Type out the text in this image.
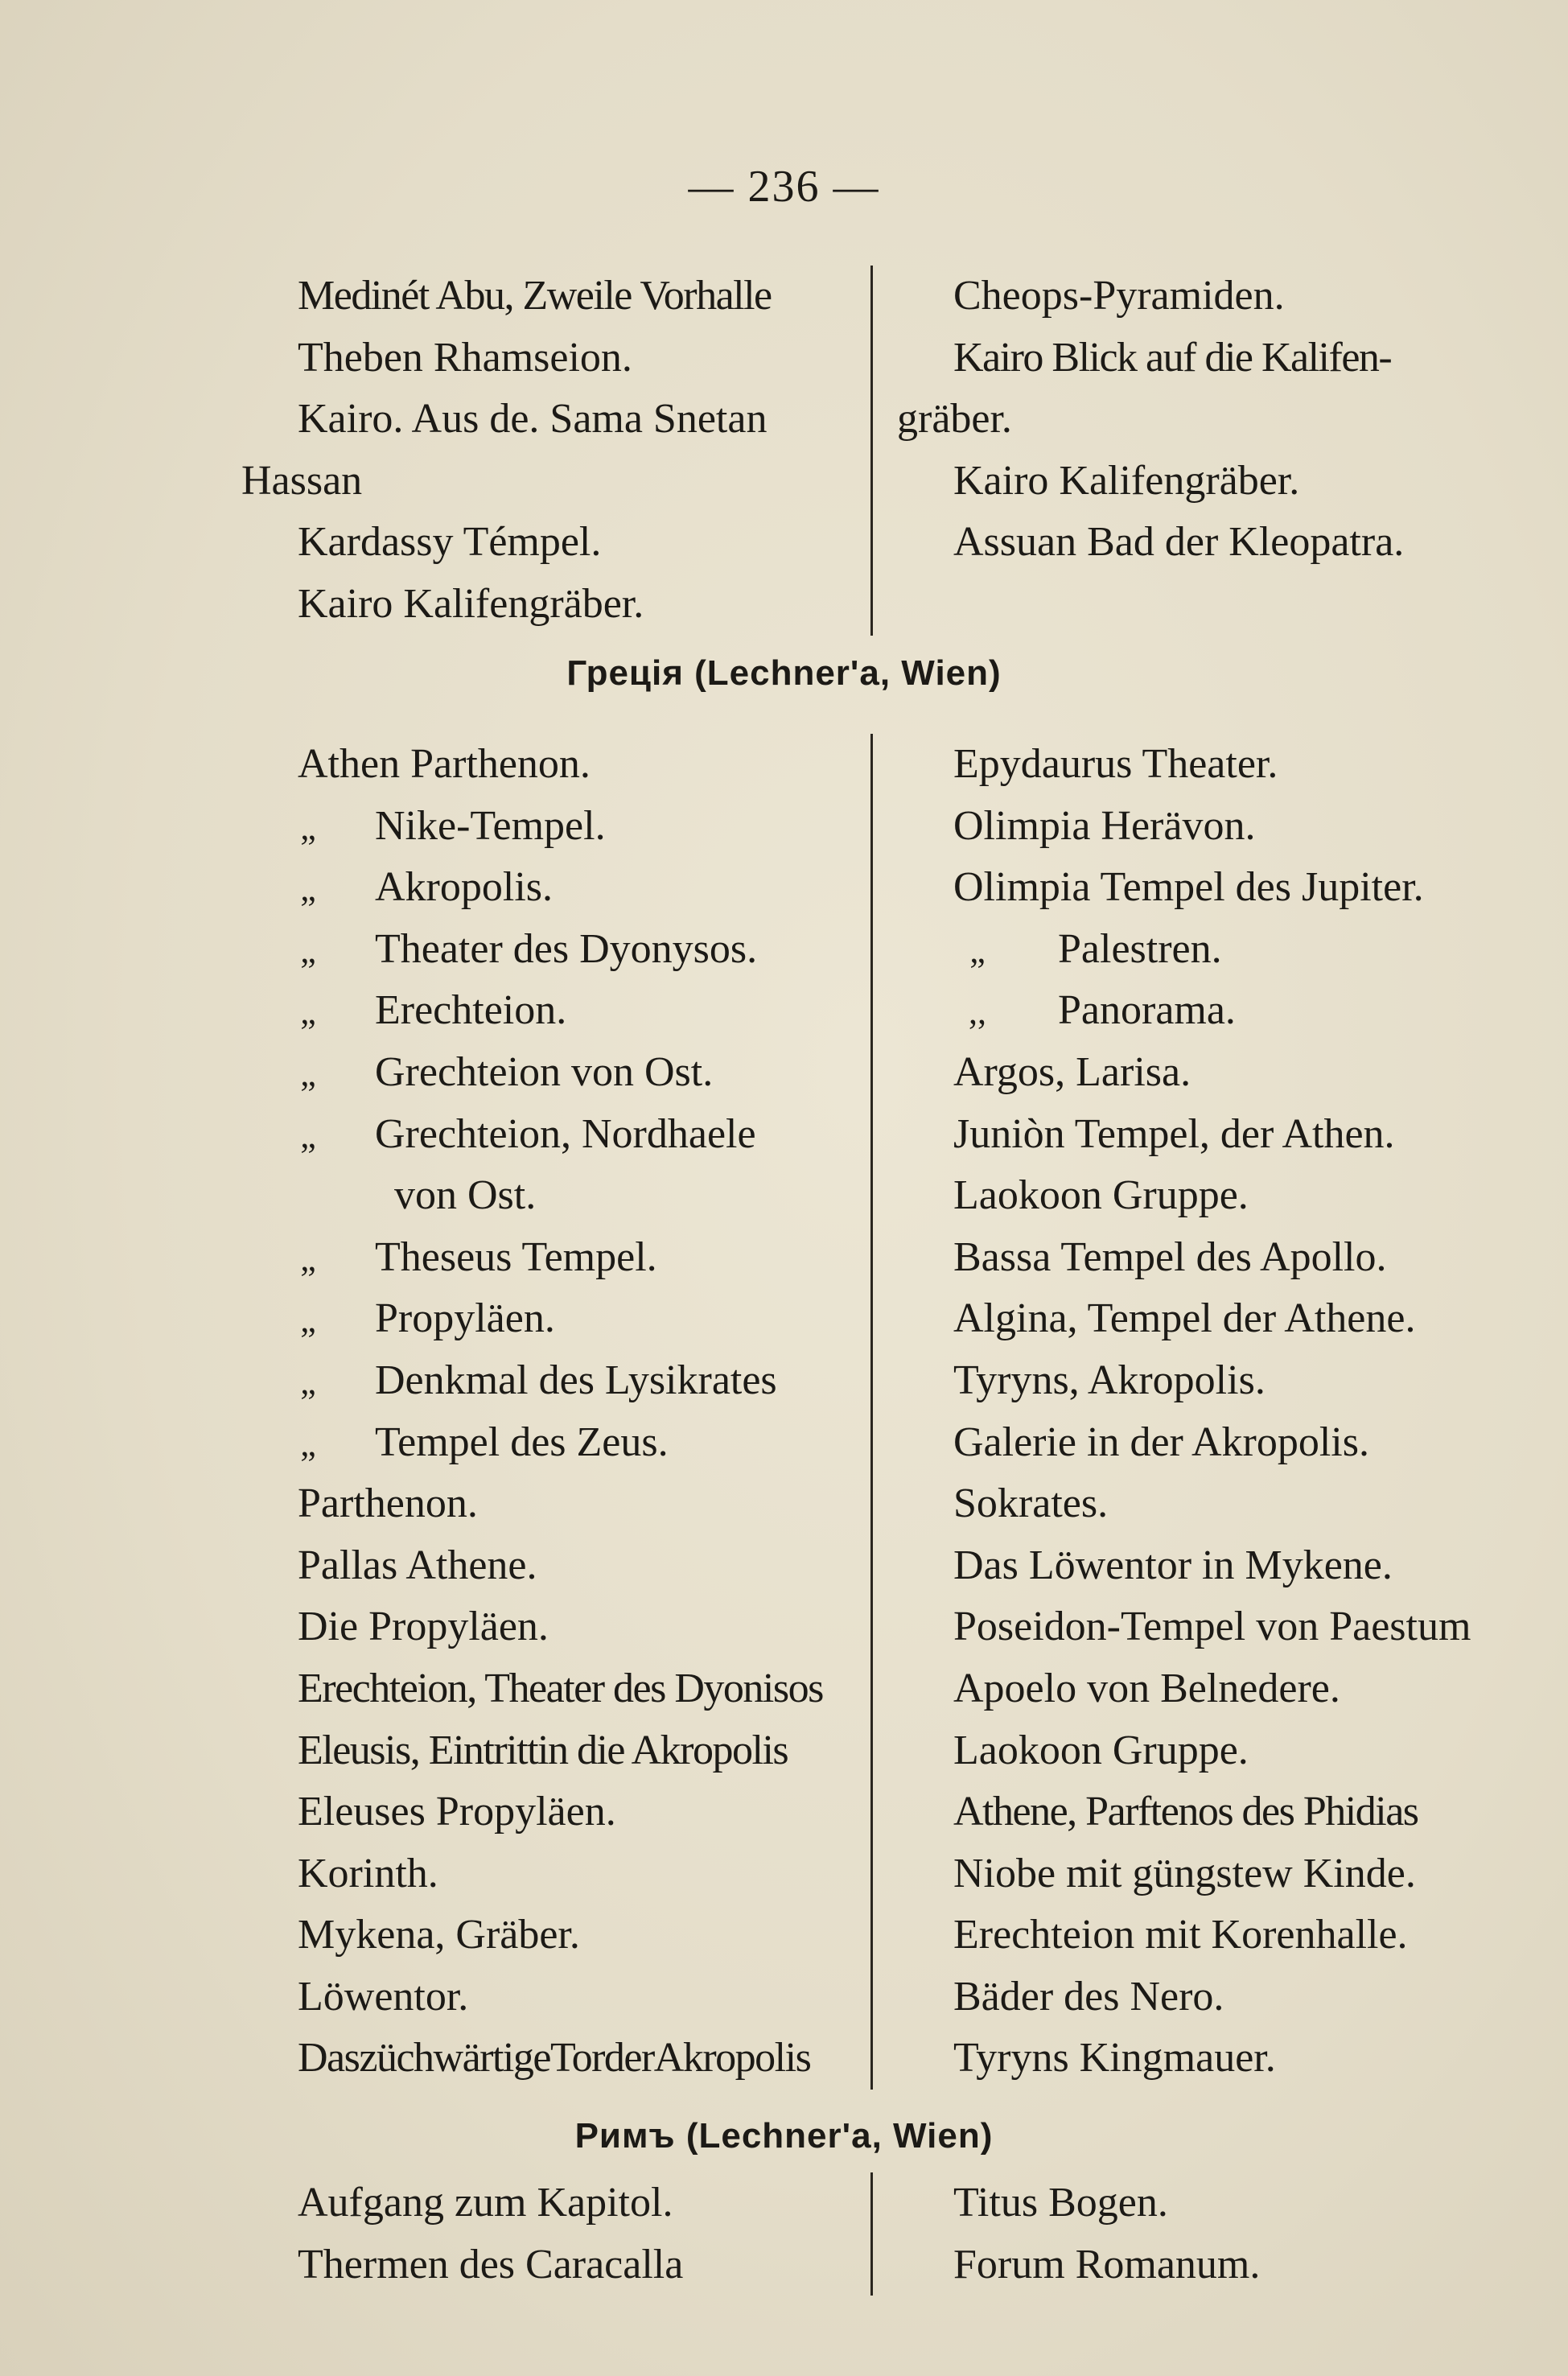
— 236 —
Medinét Abu, Zweile Vorhalle
Theben Rhamseion.
Kairo. Aus de. Sama Snetan
Hassan
Kardassy Témpel.
Kairo Kalifengräber.
Cheops-Pyramiden.
Kairo Blick auf die Kalifen-
gräber.
Kairo Kalifengräber.
Assuan Bad der Kleopatra.
Греція (Lechner'a, Wien)
Athen Parthenon.
„ Nike-Tempel.
„ Akropolis.
„ Theater des Dyonysos.
„ Erechteion.
„ Grechteion von Ost.
„ Grechteion, Nordhaele
von Ost.
„ Theseus Tempel.
„ Propyläen.
„ Denkmal des Lysikrates
„ Tempel des Zeus.
Parthenon.
Pallas Athene.
Die Propyläen.
Erechteion, Theater des Dyonisos
Eleusis, Eintrittin die Akropolis
Eleuses Propyläen.
Korinth.
Mykena, Gräber.
Löwentor.
DaszüchwärtigeTorderAkropolis
Epydaurus Theater.
Olimpia Herävon.
Olimpia Tempel des Jupiter.
„ Palestren.
,, Panorama.
Argos, Larisa.
Juniòn Tempel, der Athen.
Laokoon Gruppe.
Bassa Tempel des Apollo.
Algina, Tempel der Athene.
Tyryns, Akropolis.
Galerie in der Akropolis.
Sokrates.
Das Löwentor in Mykene.
Poseidon-Tempel von Paestum
Apoelo von Belnedere.
Laokoon Gruppe.
Athene, Parftenos des Phidias
Niobe mit güngstew Kinde.
Erechteion mit Korenhalle.
Bäder des Nero.
Tyryns Kingmauer.
Римъ (Lechner'a, Wien)
Aufgang zum Kapitol.
Thermen des Caracalla
Titus Bogen.
Forum Romanum.
